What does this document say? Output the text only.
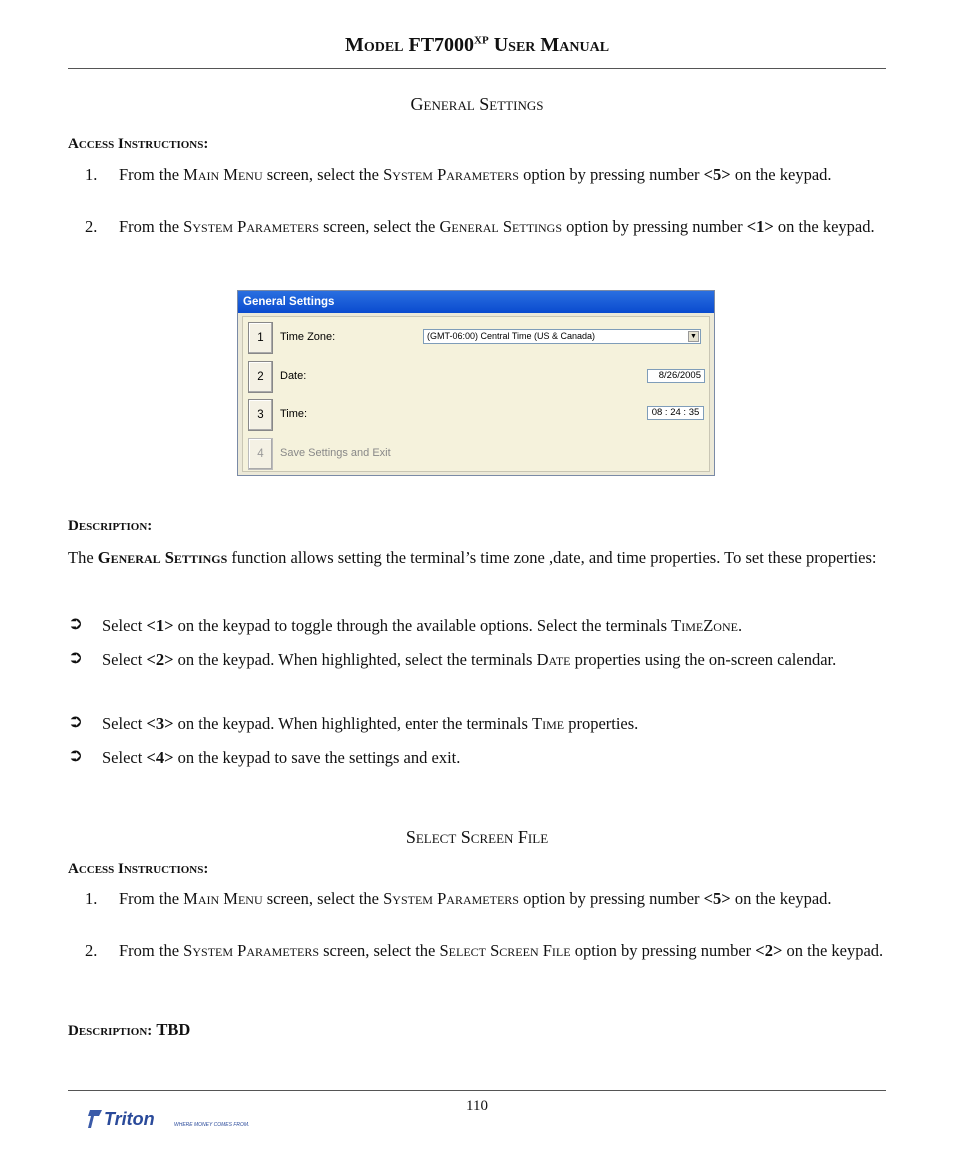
Model $FT7000^{XP}$ User Manual
General Settings
Access Instructions:
1. From the Main Menu screen, select the System Parameters option by pressing number <5> on the keypad.
2. From the System Parameters screen, select the General Settings option by pressing number <1> on the keypad.
General Settings
1	Time Zone:	(GMT-06:00) Central Time (US & Canada)	▼
2	Date:	8/26/2005
3	Time:	08 : 24 : 35
4	Save Settings and Exit
Description:
The General Settings function allows setting the terminal’s time zone ,date, and time properties. To set these properties:
➲ Select <1> on the keypad to toggle through the available options. Select the terminals TimeZone.
➲ Select <2> on the keypad. When highlighted, select the terminals Date properties using the on-screen calendar.
➲ Select <3> on the keypad. When highlighted, enter the terminals Time properties.
➲ Select <4> on the keypad to save the settings and exit.
Select Screen File
Access Instructions:
1. From the Main Menu screen, select the System Parameters option by pressing number <5> on the keypad.
2. From the System Parameters screen, select the Select Screen File option by pressing number <2> on the keypad.
Description: TBD
110
Triton	WHERE MONEY COMES FROM.
